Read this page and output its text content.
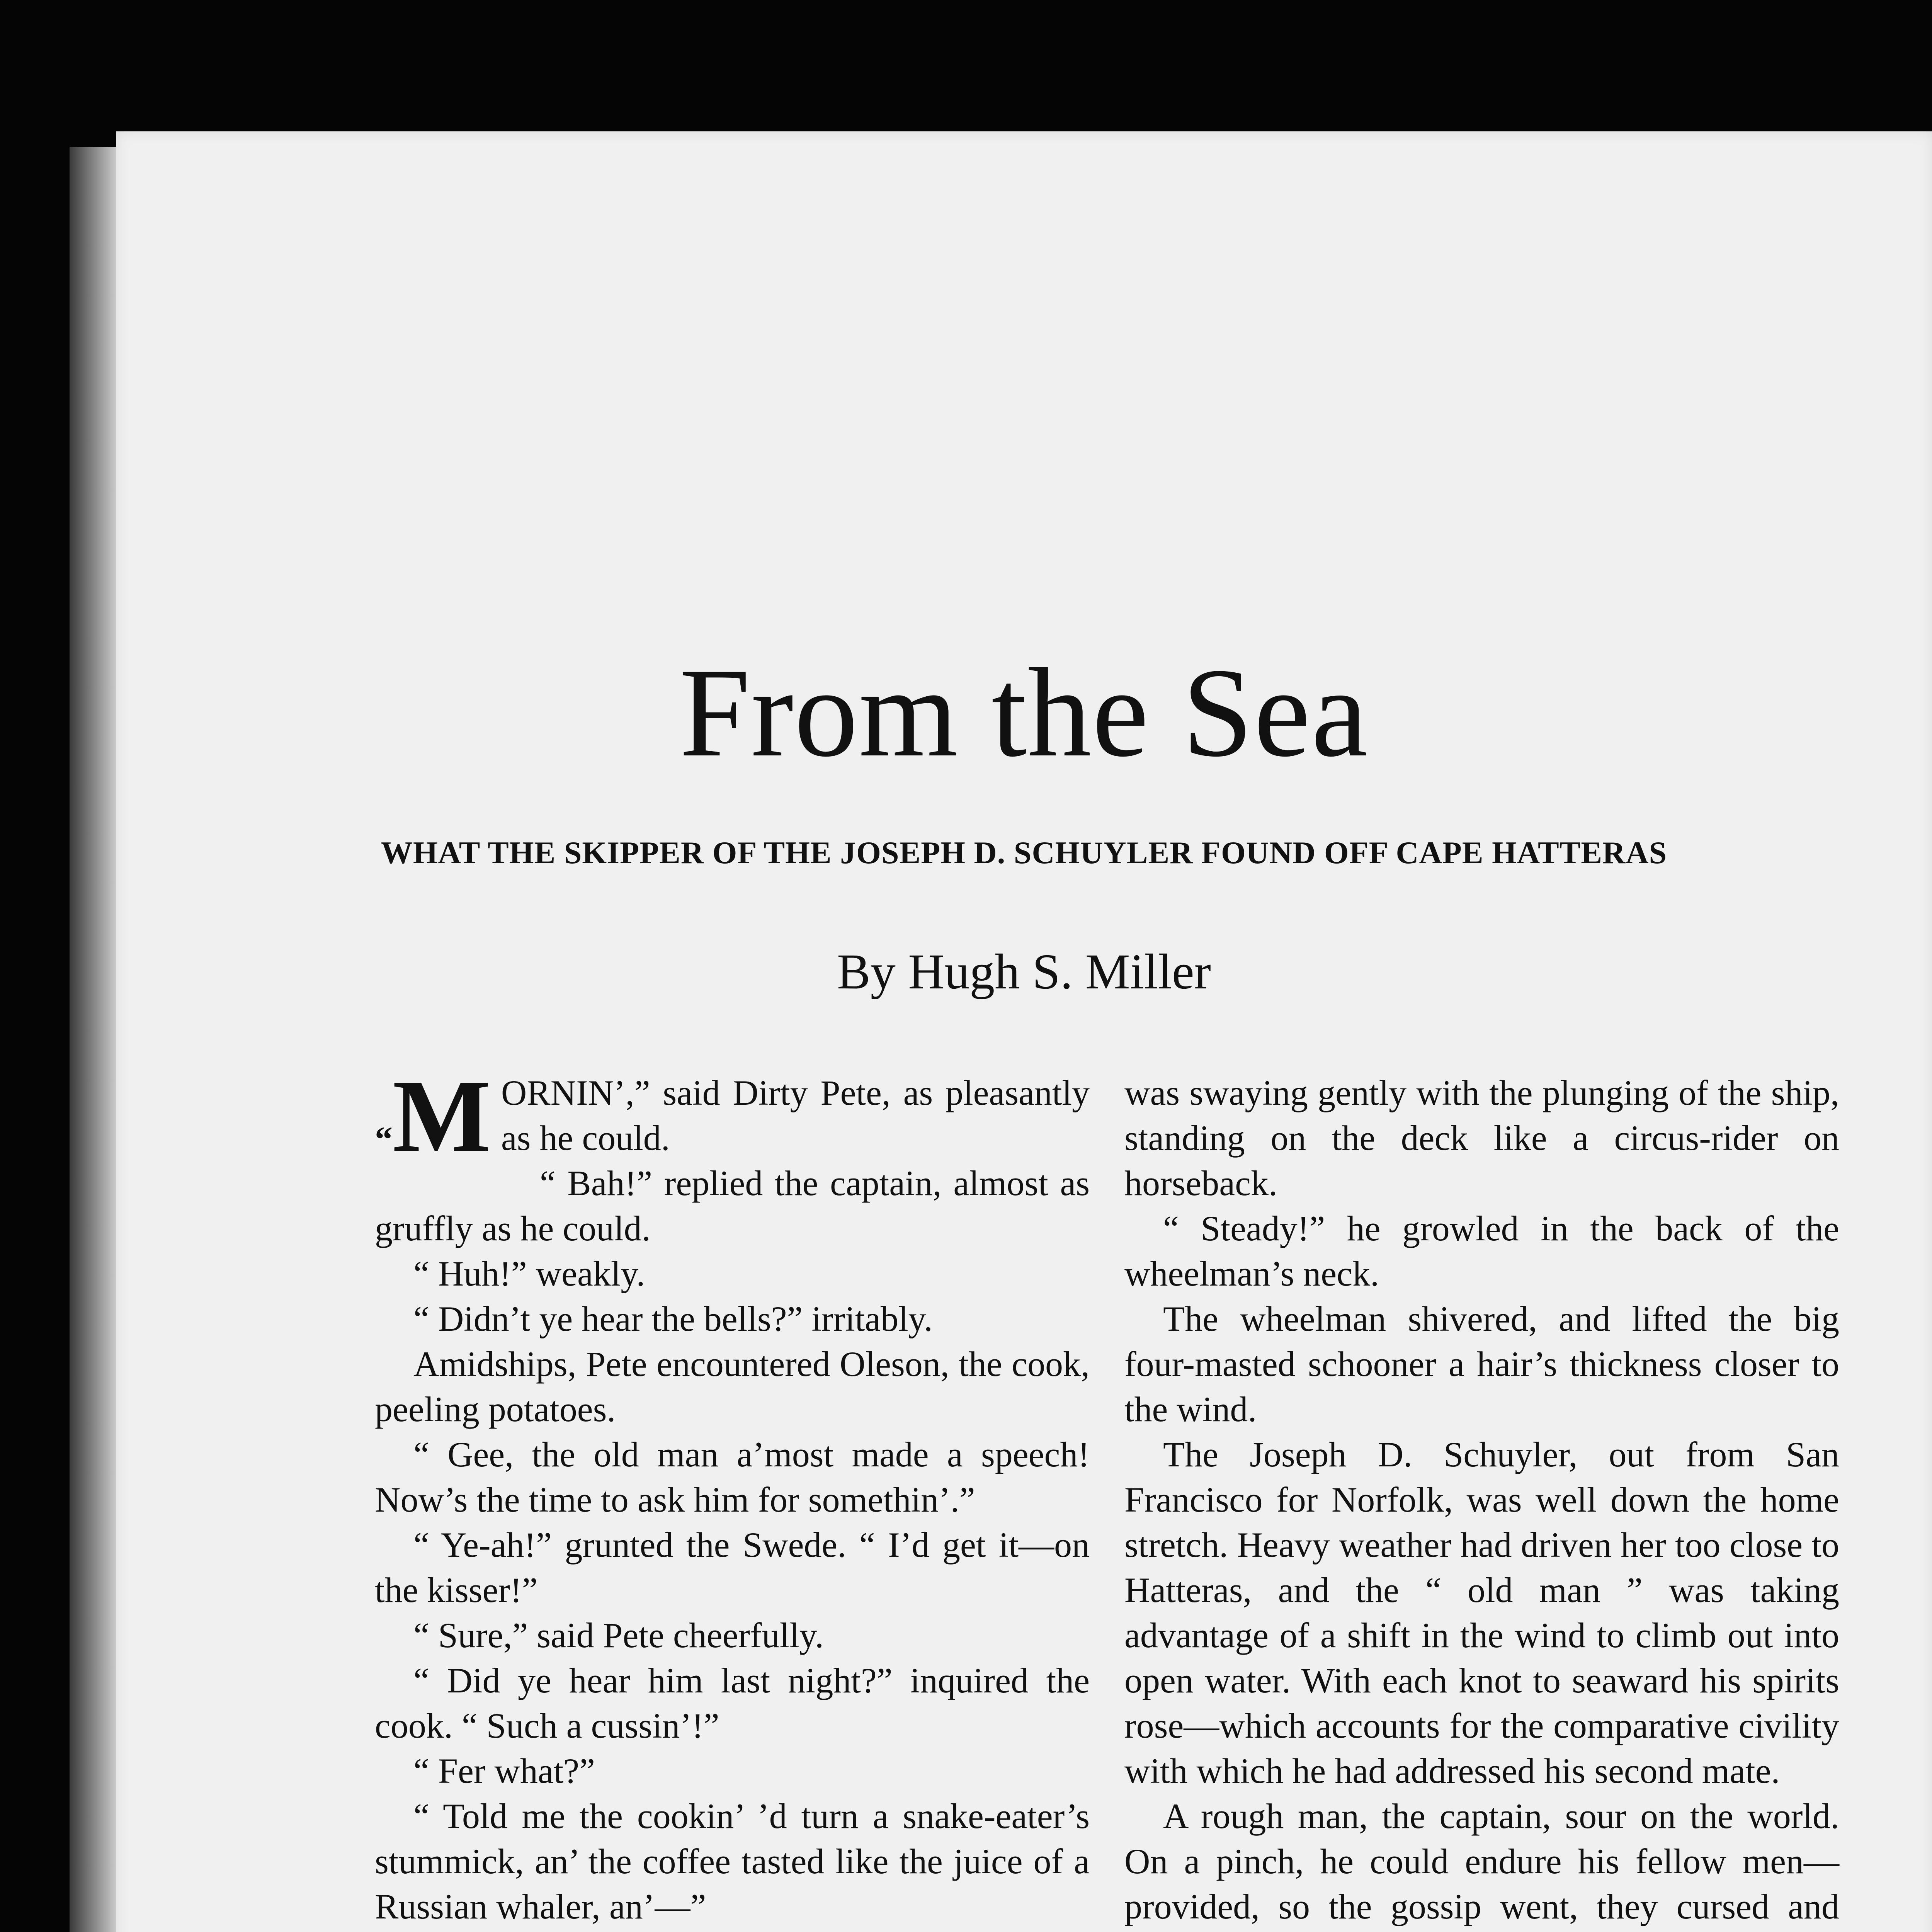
From the Sea
WHAT THE SKIPPER OF THE JOSEPH D. SCHUYLER FOUND OFF CAPE HATTERAS
By Hugh S. Miller

“M ORNIN’,” said Dirty Pete, as pleasantly as he could.

“ Bah!” replied the captain, almost as gruffly as he could.

“ Huh!” weakly.

“ Didn’t ye hear the bells?” irritably.

Amidships, Pete encountered Oleson, the cook, peeling potatoes.

“ Gee, the old man a’most made a speech! Now’s the time to ask him for somethin’.”

“ Ye-ah!” grunted the Swede. “ I’d get it—on the kisser!”

“ Sure,” said Pete cheerfully.

“ Did ye hear him last night?” inquired the cook. “ Such a cussin’!”

“ Fer what?”

“ Told me the cookin’ ’d turn a snake-eater’s stummick, an’ the coffee tasted like the juice of a Russian whaler, an’—”

was swaying gently with the plunging of the ship, standing on the deck like a circus-rider on horseback.

“ Steady!” he growled in the back of the wheelman’s neck.

The wheelman shivered, and lifted the big four-masted schooner a hair’s thickness closer to the wind.

The Joseph D. Schuyler, out from San Francisco for Norfolk, was well down the home stretch. Heavy weather had driven her too close to Hatteras, and the “ old man ” was taking advantage of a shift in the wind to climb out into open water. With each knot to seaward his spirits rose—which accounts for the comparative civility with which he had addressed his second mate.

A rough man, the captain, sour on the world. On a pinch, he could endure his fellow men—provided, so the gossip went, they cursed and
